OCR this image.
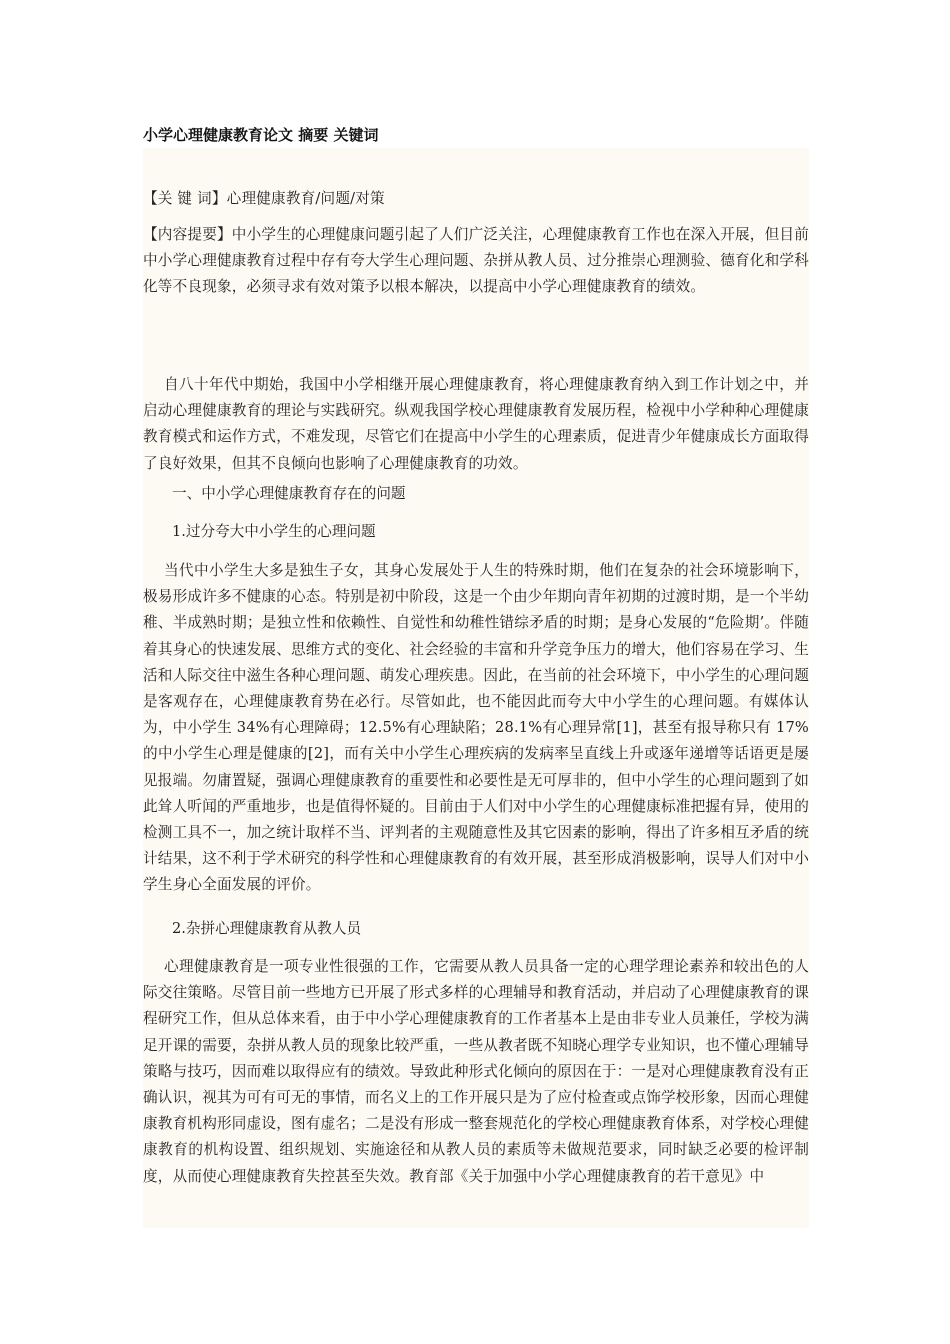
小学心理健康教育论文 摘要 关键词

【关 键 词】心理健康教育/问题/对策

【内容提要】中小学生的心理健康问题引起了人们广泛关注，心理健康教育工作也在深入开展，但目前中小学心理健康教育过程中存有夸大学生心理问题、杂拼从教人员、过分推崇心理测验、德育化和学科化等不良现象，必须寻求有效对策予以根本解决，以提高中小学心理健康教育的绩效。

自八十年代中期始，我国中小学相继开展心理健康教育，将心理健康教育纳入到工作计划之中，并启动心理健康教育的理论与实践研究。纵观我国学校心理健康教育发展历程，检视中小学种种心理健康教育模式和运作方式，不难发现，尽管它们在提高中小学生的心理素质，促进青少年健康成长方面取得了良好效果，但其不良倾向也影响了心理健康教育的功效。

一、中小学心理健康教育存在的问题

1.过分夸大中小学生的心理问题

当代中小学生大多是独生子女，其身心发展处于人生的特殊时期，他们在复杂的社会环境影响下，极易形成许多不健康的心态。特别是初中阶段，这是一个由少年期向青年初期的过渡时期，是一个半幼稚、半成熟时期；是独立性和依赖性、自觉性和幼稚性错综矛盾的时期；是身心发展的“危险期’。伴随着其身心的快速发展、思维方式的变化、社会经验的丰富和升学竞争压力的增大，他们容易在学习、生活和人际交往中滋生各种心理问题、萌发心理疾患。因此，在当前的社会环境下，中小学生的心理问题是客观存在，心理健康教育势在必行。尽管如此，也不能因此而夸大中小学生的心理问题。有媒体认为，中小学生 34%有心理障碍；12.5%有心理缺陷；28.1%有心理异常[1]，甚至有报导称只有 17%的中小学生心理是健康的[2]，而有关中小学生心理疾病的发病率呈直线上升或逐年递增等话语更是屡见报端。勿庸置疑，强调心理健康教育的重要性和必要性是无可厚非的，但中小学生的心理问题到了如此耸人听闻的严重地步，也是值得怀疑的。目前由于人们对中小学生的心理健康标准把握有异，使用的检测工具不一，加之统计取样不当、评判者的主观随意性及其它因素的影响，得出了许多相互矛盾的统计结果，这不利于学术研究的科学性和心理健康教育的有效开展，甚至形成消极影响，误导人们对中小学生身心全面发展的评价。

2.杂拼心理健康教育从教人员

心理健康教育是一项专业性很强的工作，它需要从教人员具备一定的心理学理论素养和较出色的人际交往策略。尽管目前一些地方已开展了形式多样的心理辅导和教育活动，并启动了心理健康教育的课程研究工作，但从总体来看，由于中小学心理健康教育的工作者基本上是由非专业人员兼任，学校为满足开课的需要，杂拼从教人员的现象比较严重，一些从教者既不知晓心理学专业知识，也不懂心理辅导策略与技巧，因而难以取得应有的绩效。导致此种形式化倾向的原因在于：一是对心理健康教育没有正确认识，视其为可有可无的事情，而名义上的工作开展只是为了应付检查或点饰学校形象，因而心理健康教育机构形同虚设，图有虚名；二是没有形成一整套规范化的学校心理健康教育体系，对学校心理健康教育的机构设置、组织规划、实施途径和从教人员的素质等未做规范要求，同时缺乏必要的检评制度，从而使心理健康教育失控甚至失效。教育部《关于加强中小学心理健康教育的若干意见》中
